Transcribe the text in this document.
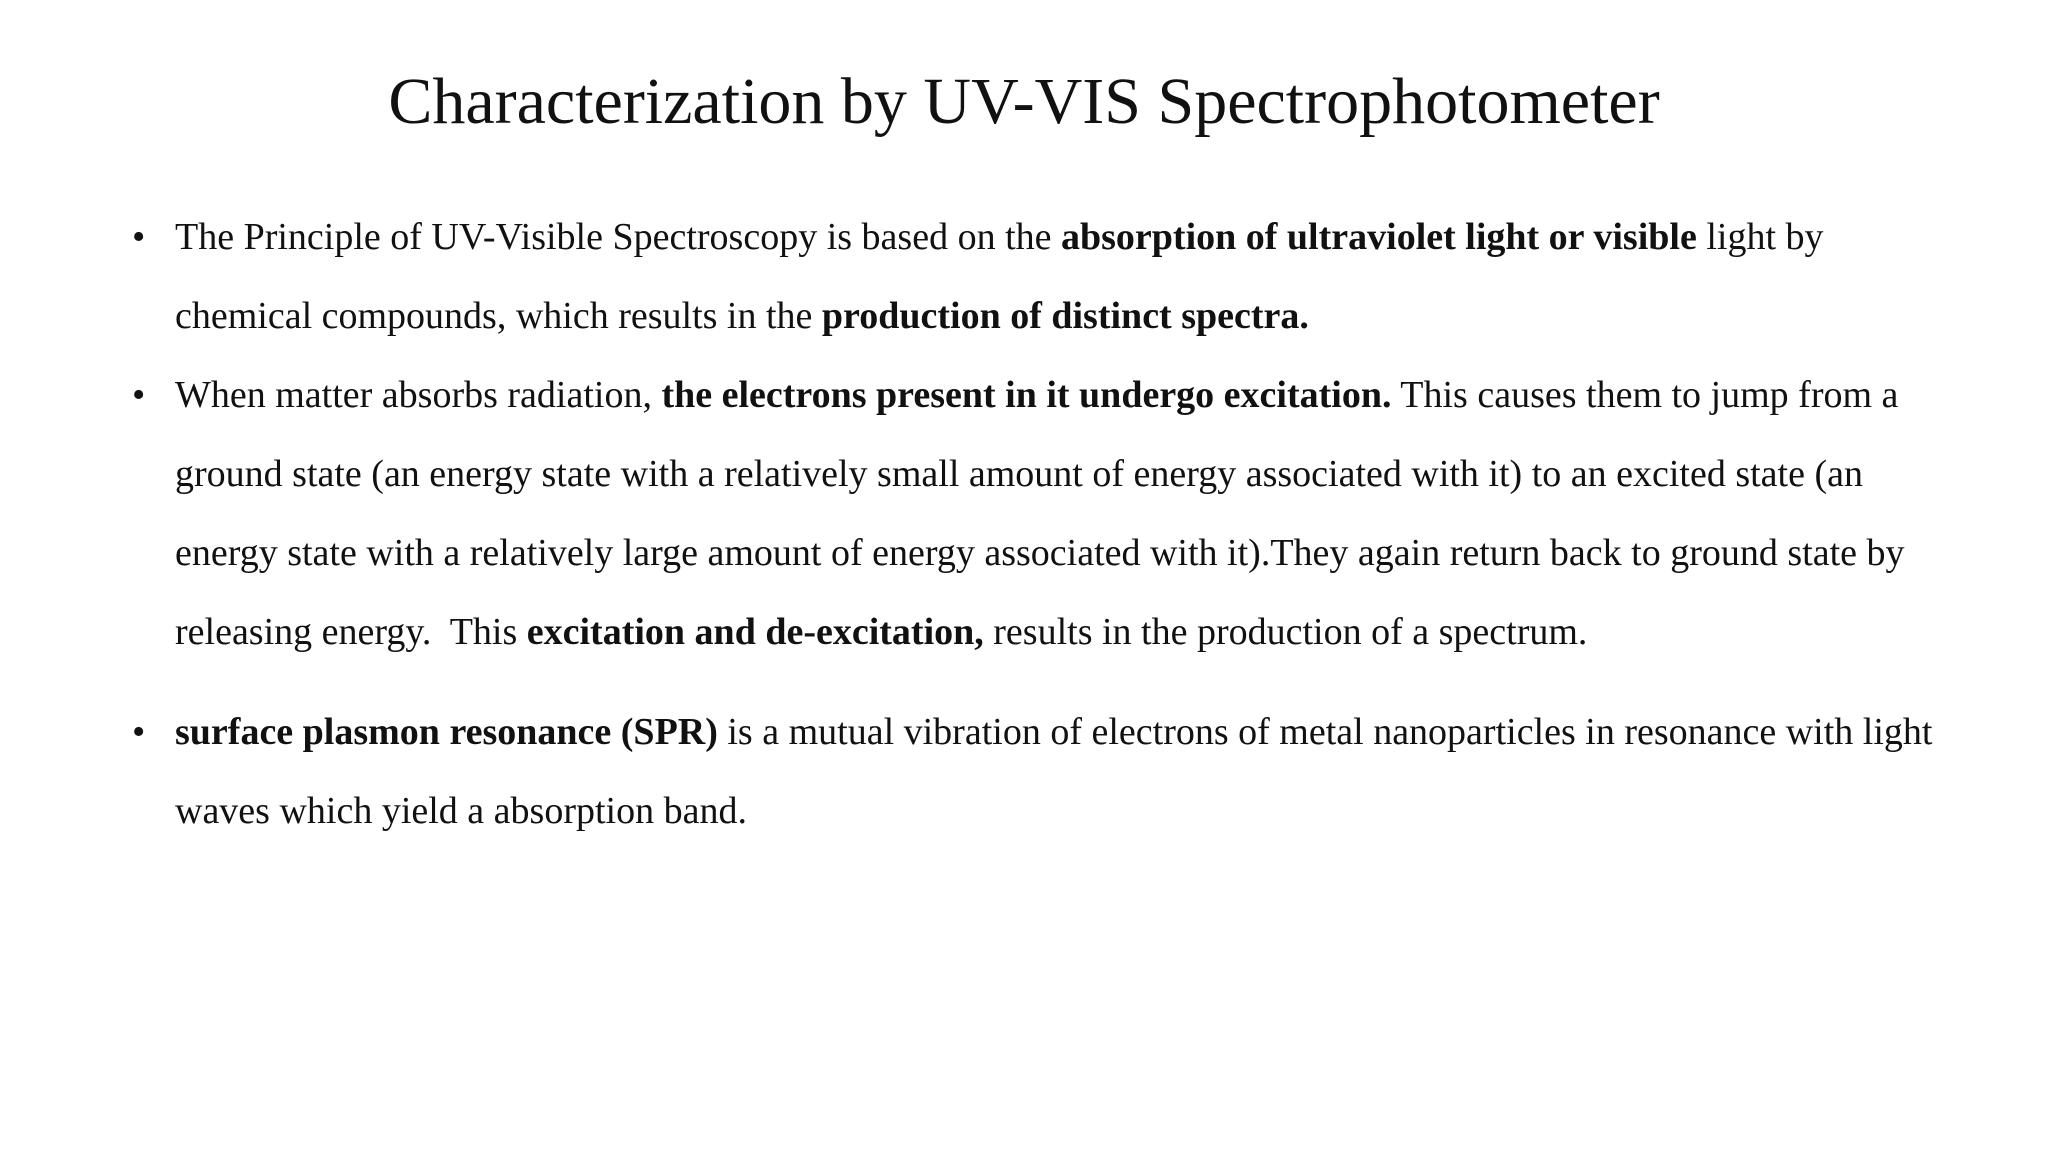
Characterization by UV-VIS Spectrophotometer
• The Principle of UV-Visible Spectroscopy is based on the absorption of ultraviolet light or visible light by chemical compounds, which results in the production of distinct spectra.
• When matter absorbs radiation, the electrons present in it undergo excitation. This causes them to jump from a ground state (an energy state with a relatively small amount of energy associated with it) to an excited state (an energy state with a relatively large amount of energy associated with it).They again return back to ground state by releasing energy.  This excitation and de-excitation, results in the production of a spectrum.
• surface plasmon resonance (SPR) is a mutual vibration of electrons of metal nanoparticles in resonance with light waves which yield a absorption band.
